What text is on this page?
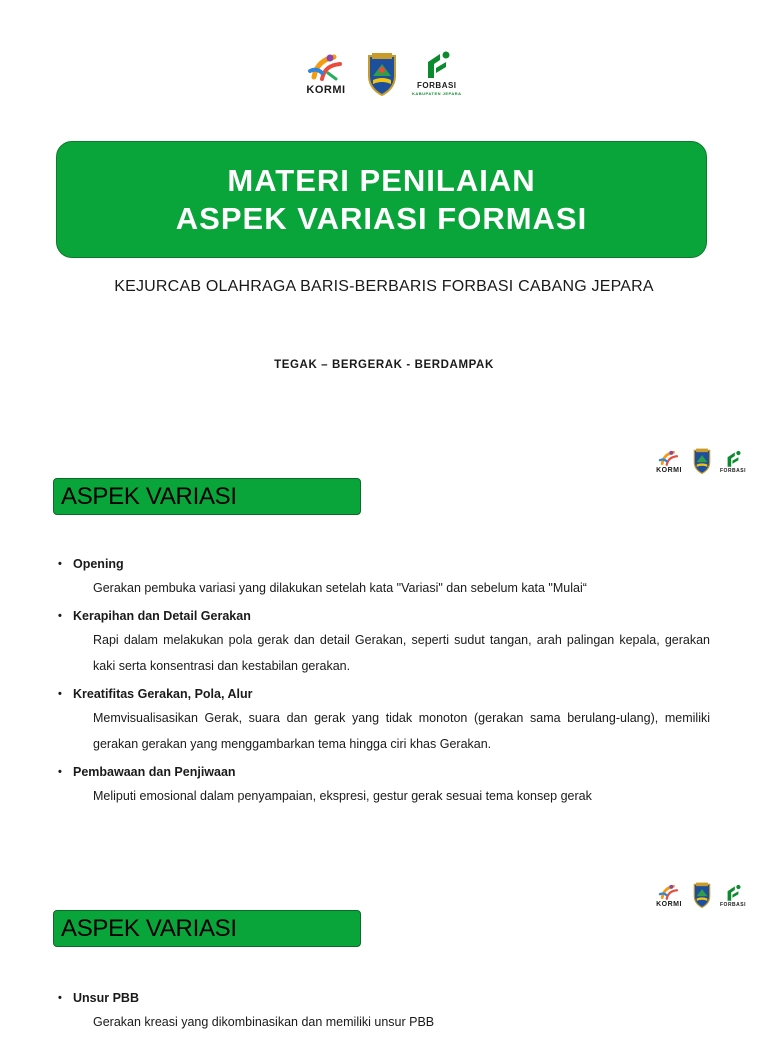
KORMI	FORBASI
KABUPATEN JEPARA
MATERI PENILAIAN
ASPEK VARIASI FORMASI
KEJURCAB OLAHRAGA BARIS-BERBARIS FORBASI CABANG JEPARA
TEGAK – BERGERAK - BERDAMPAK
KORMI	FORBASI
ASPEK VARIASI
• Opening
Gerakan pembuka variasi yang dilakukan setelah kata "Variasi" dan sebelum kata "Mulai“
• Kerapihan dan Detail Gerakan
Rapi dalam melakukan pola gerak dan detail Gerakan, seperti sudut tangan, arah palingan kepala, gerakan kaki serta konsentrasi dan kestabilan gerakan.
• Kreatifitas Gerakan, Pola, Alur
Memvisualisasikan Gerak, suara dan gerak yang tidak monoton (gerakan sama berulang-ulang), memiliki gerakan gerakan yang menggambarkan tema hingga ciri khas Gerakan.
• Pembawaan dan Penjiwaan
Meliputi emosional dalam penyampaian, ekspresi, gestur gerak sesuai tema konsep gerak
KORMI	FORBASI
ASPEK VARIASI
• Unsur PBB
Gerakan kreasi yang dikombinasikan dan memiliki unsur PBB
